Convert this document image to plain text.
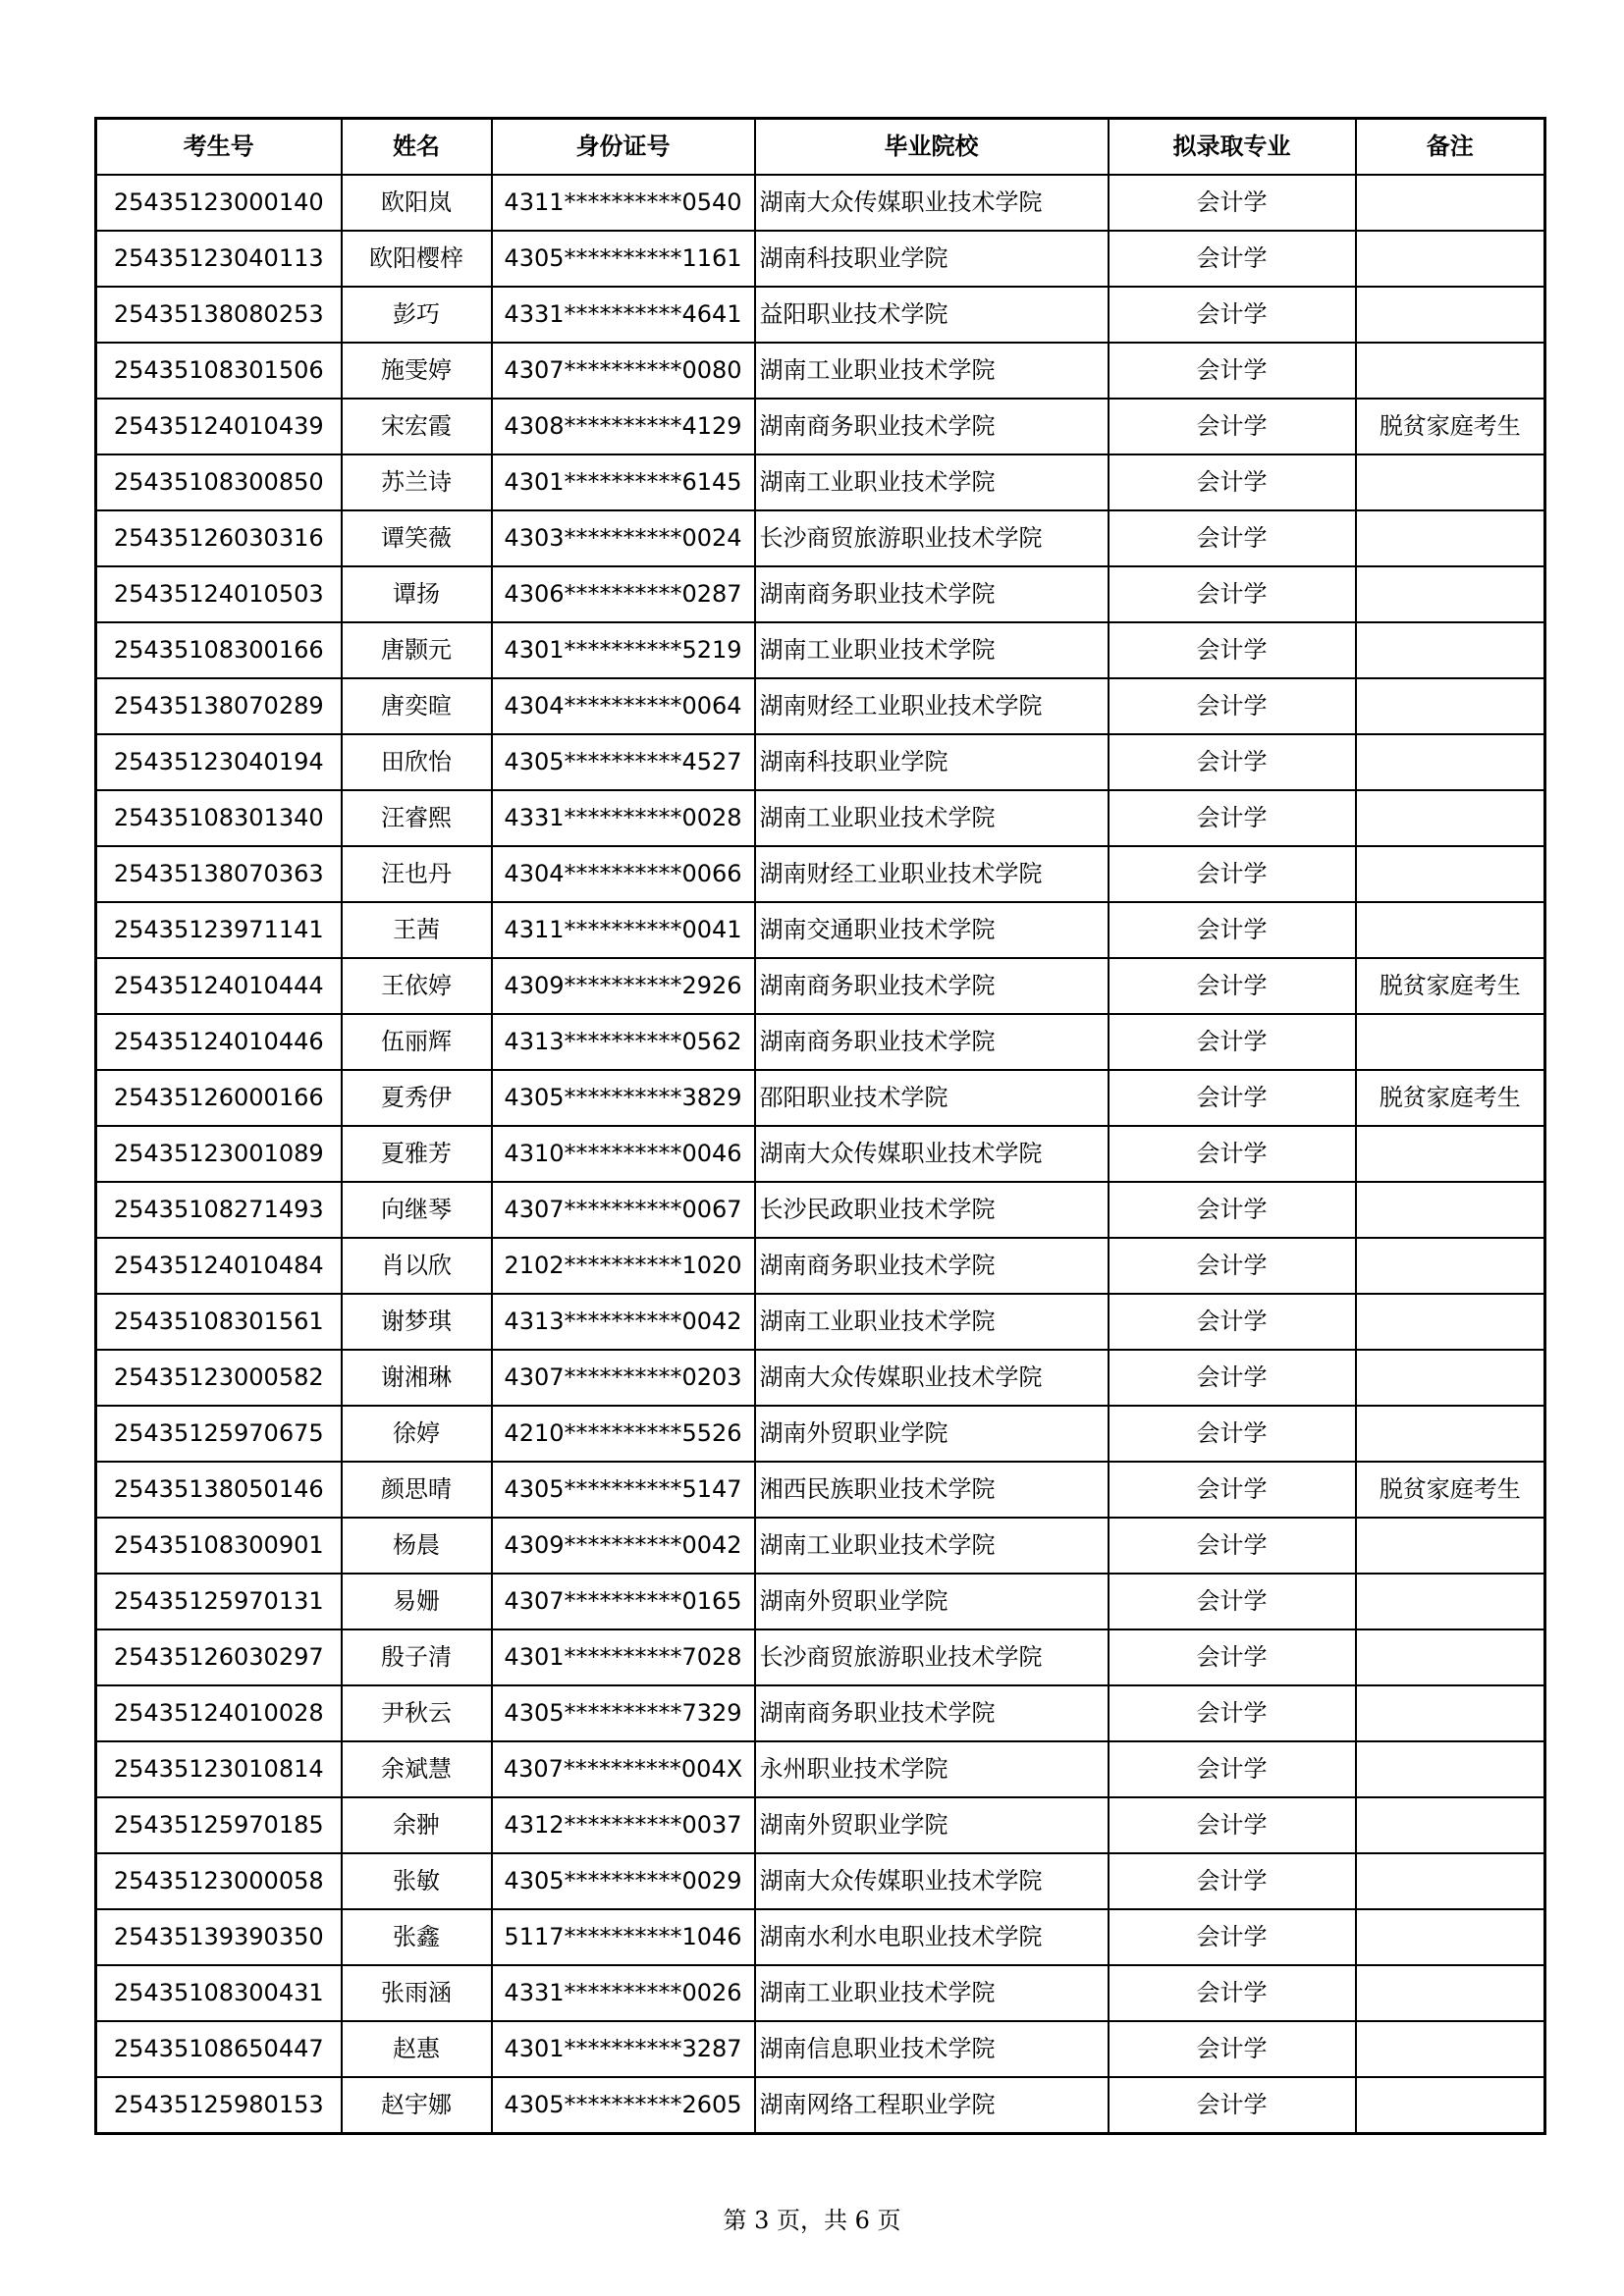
考生号	姓名	身份证号	毕业院校	拟录取专业	备注
25435123000140	欧阳岚	4311**********0540	湖南大众传媒职业技术学院	会计学	
25435123040113	欧阳樱梓	4305**********1161	湖南科技职业学院	会计学	
25435138080253	彭巧	4331**********4641	益阳职业技术学院	会计学	
25435108301506	施雯婷	4307**********0080	湖南工业职业技术学院	会计学	
25435124010439	宋宏霞	4308**********4129	湖南商务职业技术学院	会计学	脱贫家庭考生
25435108300850	苏兰诗	4301**********6145	湖南工业职业技术学院	会计学	
25435126030316	谭笑薇	4303**********0024	长沙商贸旅游职业技术学院	会计学	
25435124010503	谭扬	4306**********0287	湖南商务职业技术学院	会计学	
25435108300166	唐颢元	4301**********5219	湖南工业职业技术学院	会计学	
25435138070289	唐奕暄	4304**********0064	湖南财经工业职业技术学院	会计学	
25435123040194	田欣怡	4305**********4527	湖南科技职业学院	会计学	
25435108301340	汪睿熙	4331**********0028	湖南工业职业技术学院	会计学	
25435138070363	汪也丹	4304**********0066	湖南财经工业职业技术学院	会计学	
25435123971141	王茜	4311**********0041	湖南交通职业技术学院	会计学	
25435124010444	王依婷	4309**********2926	湖南商务职业技术学院	会计学	脱贫家庭考生
25435124010446	伍丽辉	4313**********0562	湖南商务职业技术学院	会计学	
25435126000166	夏秀伊	4305**********3829	邵阳职业技术学院	会计学	脱贫家庭考生
25435123001089	夏雅芳	4310**********0046	湖南大众传媒职业技术学院	会计学	
25435108271493	向继琴	4307**********0067	长沙民政职业技术学院	会计学	
25435124010484	肖以欣	2102**********1020	湖南商务职业技术学院	会计学	
25435108301561	谢梦琪	4313**********0042	湖南工业职业技术学院	会计学	
25435123000582	谢湘琳	4307**********0203	湖南大众传媒职业技术学院	会计学	
25435125970675	徐婷	4210**********5526	湖南外贸职业学院	会计学	
25435138050146	颜思晴	4305**********5147	湘西民族职业技术学院	会计学	脱贫家庭考生
25435108300901	杨晨	4309**********0042	湖南工业职业技术学院	会计学	
25435125970131	易姗	4307**********0165	湖南外贸职业学院	会计学	
25435126030297	殷子清	4301**********7028	长沙商贸旅游职业技术学院	会计学	
25435124010028	尹秋云	4305**********7329	湖南商务职业技术学院	会计学	
25435123010814	余斌慧	4307**********004X	永州职业技术学院	会计学	
25435125970185	余翀	4312**********0037	湖南外贸职业学院	会计学	
25435123000058	张敏	4305**********0029	湖南大众传媒职业技术学院	会计学	
25435139390350	张鑫	5117**********1046	湖南水利水电职业技术学院	会计学	
25435108300431	张雨涵	4331**********0026	湖南工业职业技术学院	会计学	
25435108650447	赵惠	4301**********3287	湖南信息职业技术学院	会计学	
25435125980153	赵宇娜	4305**********2605	湖南网络工程职业学院	会计学	
第 3 页，共 6 页
